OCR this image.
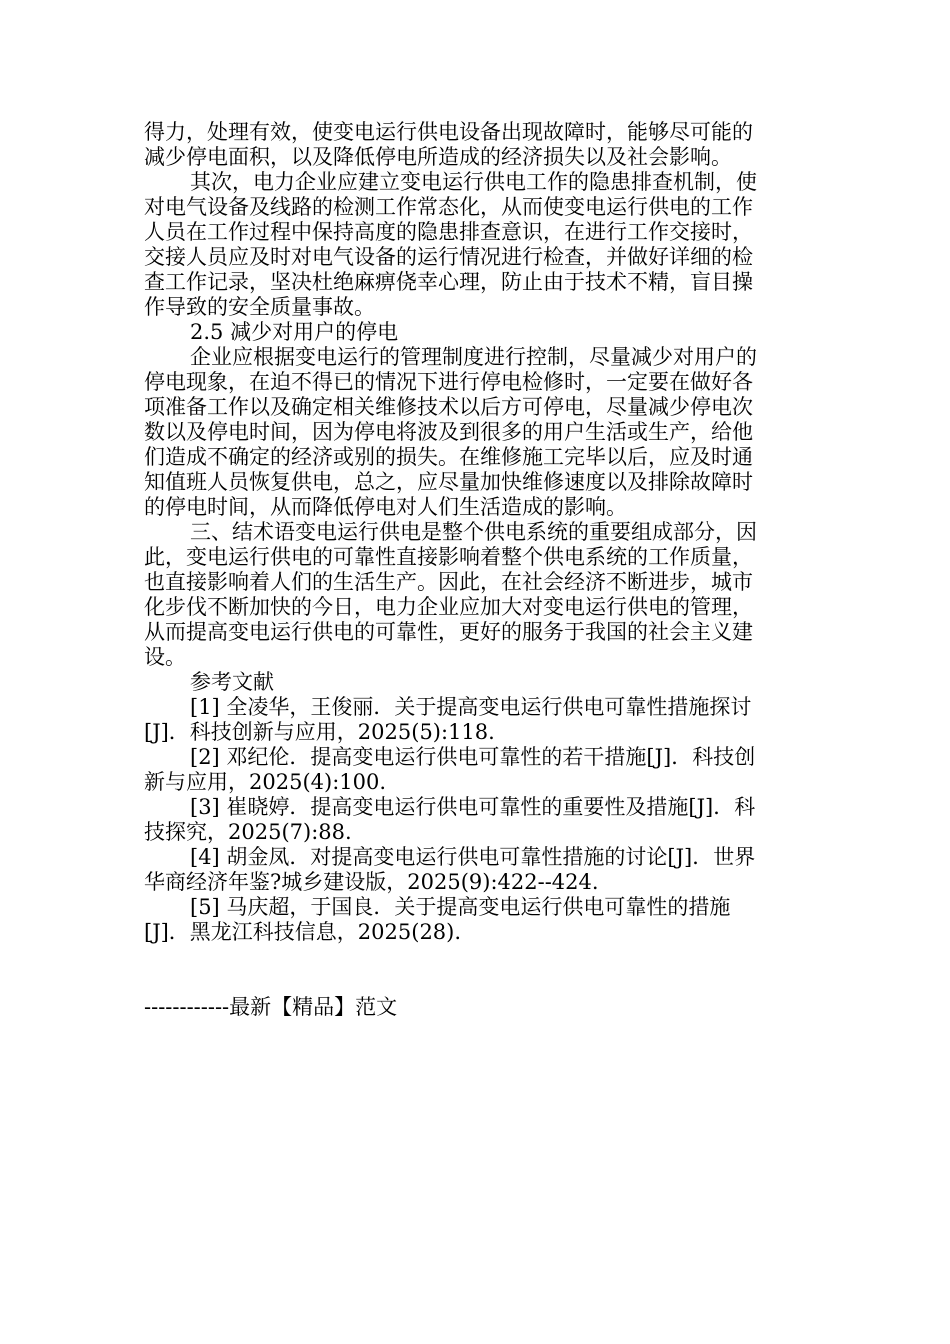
得力，处理有效，使变电运行供电设备出现故障时，能够尽可能的
减少停电面积，以及降低停电所造成的经济损失以及社会影响。
其次，电力企业应建立变电运行供电工作的隐患排查机制，使
对电气设备及线路的检测工作常态化，从而使变电运行供电的工作
人员在工作过程中保持高度的隐患排查意识，在进行工作交接时，
交接人员应及时对电气设备的运行情况进行检查，并做好详细的检
查工作记录，坚决杜绝麻痹侥幸心理，防止由于技术不精，盲目操
作导致的安全质量事故。
2.5 减少对用户的停电
企业应根据变电运行的管理制度进行控制，尽量减少对用户的
停电现象，在迫不得已的情况下进行停电检修时，一定要在做好各
项准备工作以及确定相关维修技术以后方可停电，尽量减少停电次
数以及停电时间，因为停电将波及到很多的用户生活或生产，给他
们造成不确定的经济或别的损失。在维修施工完毕以后，应及时通
知值班人员恢复供电，总之，应尽量加快维修速度以及排除故障时
的停电时间，从而降低停电对人们生活造成的影响。
三、结术语变电运行供电是整个供电系统的重要组成部分，因
此，变电运行供电的可靠性直接影响着整个供电系统的工作质量，
也直接影响着人们的生活生产。因此，在社会经济不断进步，城市
化步伐不断加快的今日，电力企业应加大对变电运行供电的管理，
从而提高变电运行供电的可靠性，更好的服务于我国的社会主义建
设。
参考文献
[1] 全凌华，王俊丽．关于提高变电运行供电可靠性措施探讨
[J]．科技创新与应用，2025(5):118.
[2] 邓纪伦．提高变电运行供电可靠性的若干措施[J]．科技创
新与应用，2025(4):100.
[3] 崔晓婷．提高变电运行供电可靠性的重要性及措施[J]．科
技探究，2025(7):88.
[4] 胡金凤．对提高变电运行供电可靠性措施的讨论[J]．世界
华商经济年鉴?城乡建设版，2025(9):422--424.
[5] 马庆超，于国良．关于提高变电运行供电可靠性的措施
[J]．黑龙江科技信息，2025(28).
------------最新【精品】范文
